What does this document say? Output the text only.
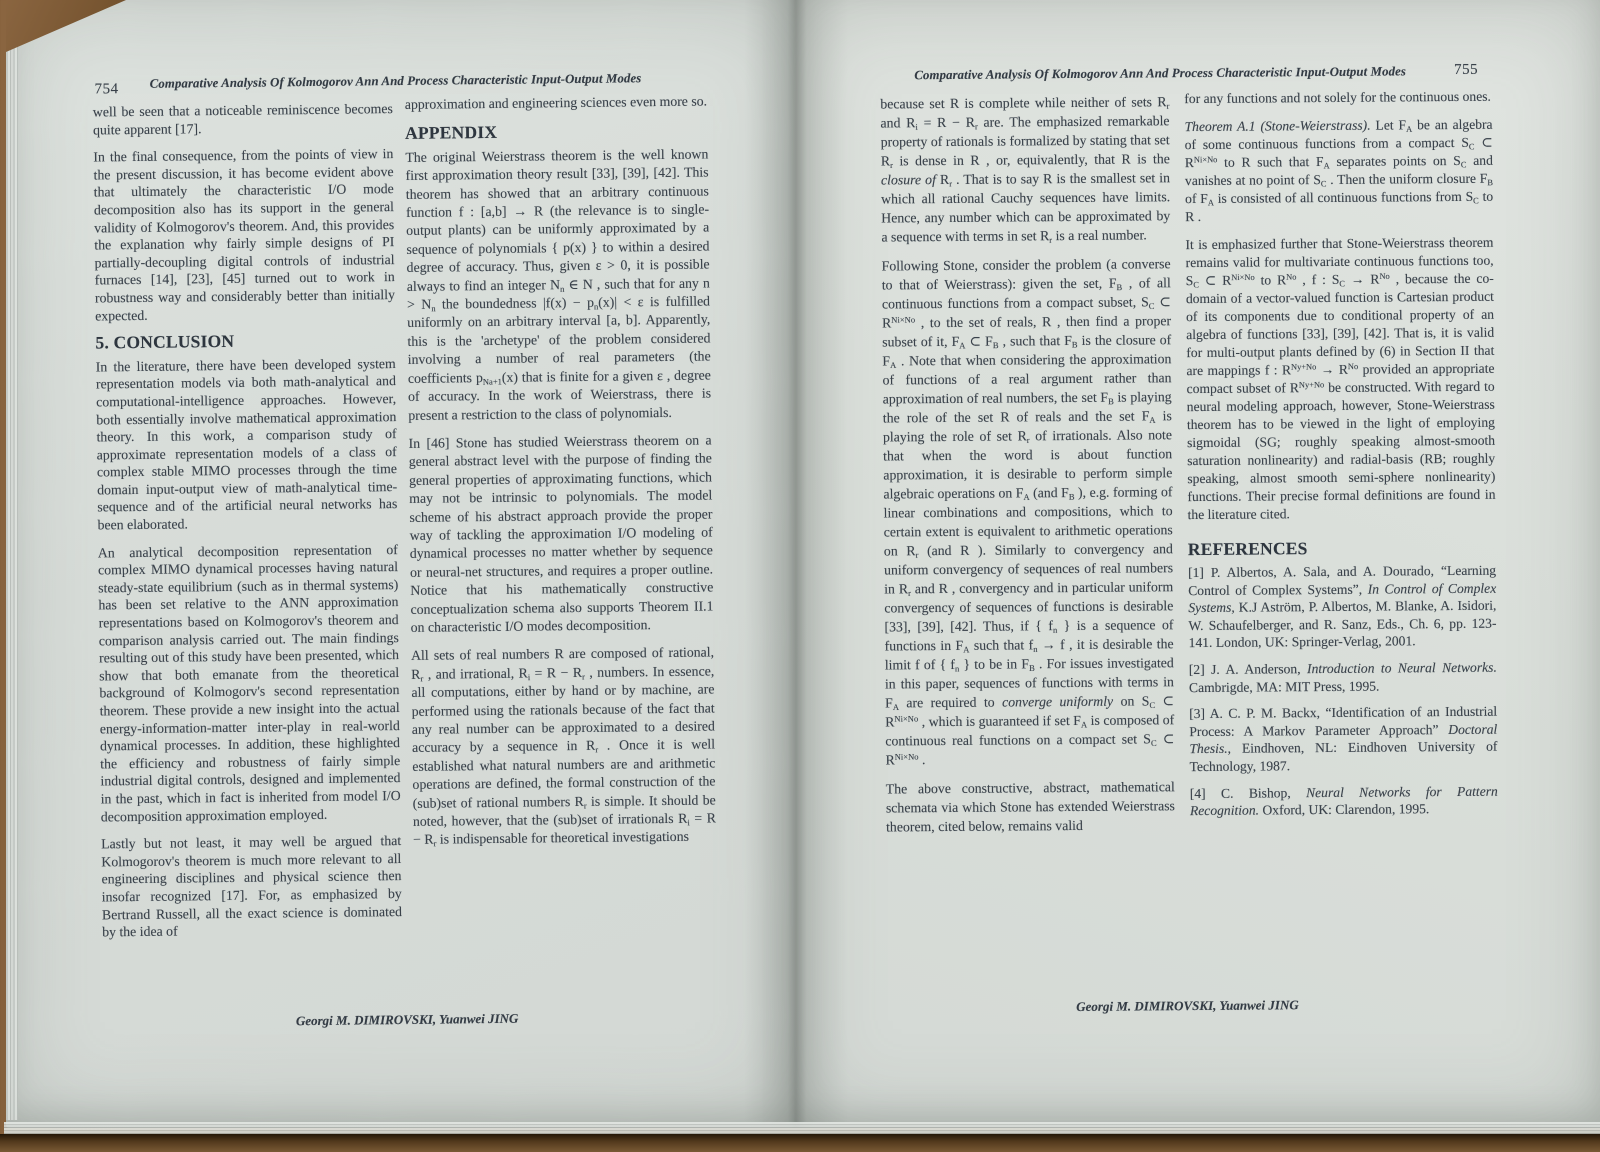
754	Comparative Analysis Of Kolmogorov Ann And Process Characteristic Input-Output Modes

well be seen that a noticeable reminiscence becomes quite apparent [17].

In the final consequence, from the points of view in the present discussion, it has become evident above that ultimately the characteristic I/O mode decomposition also has its support in the general validity of Kolmogorov's theorem. And, this provides the explanation why fairly simple designs of PI partially-decoupling digital controls of industrial furnaces [14], [23], [45] turned out to work in robustness way and considerably better than initially expected.

5. CONCLUSION

In the literature, there have been developed system representation models via both math-analytical and computational-intelligence approaches. However, both essentially involve mathematical approximation theory. In this work, a comparison study of approximate representation models of a class of complex stable MIMO processes through the time domain input-output view of math-analytical time-sequence and of the artificial neural networks has been elaborated.

An analytical decomposition representation of complex MIMO dynamical processes having natural steady-state equilibrium (such as in thermal systems) has been set relative to the ANN approximation representations based on Kolmogorov's theorem and comparison analysis carried out. The main findings resulting out of this study have been presented, which show that both emanate from the theoretical background of Kolmogorv's second representation theorem. These provide a new insight into the actual energy-information-matter inter-play in real-world dynamical processes. In addition, these highlighted the efficiency and robustness of fairly simple industrial digital controls, designed and implemented in the past, which in fact is inherited from model I/O decomposition approximation employed.

Lastly but not least, it may well be argued that Kolmogorov's theorem is much more relevant to all engineering disciplines and physical science then insofar recognized [17]. For, as emphasized by Bertrand Russell, all the exact science is dominated by the idea of

approximation and engineering sciences even more so.

APPENDIX

The original Weierstrass theorem is the well known first approximation theory result [33], [39], [42]. This theorem has showed that an arbitrary continuous function f : [a,b] → R (the relevance is to single-output plants) can be uniformly approximated by a sequence of polynomials { p(x) } to within a desired degree of accuracy. Thus, given ε > 0, it is possible always to find an integer $N_n$ ∈ N , such that for any $n > N_n$ the boundedness $|f(x) - p_n(x)| < \varepsilon$ is fulfilled uniformly on an arbitrary interval [a, b]. Apparently, this is the 'archetype' of the problem considered involving a number of real parameters (the coefficients $p_{Na+1}(x)$ that is finite for a given ε , degree of accuracy. In the work of Weierstrass, there is present a restriction to the class of polynomials.

In [46] Stone has studied Weierstrass theorem on a general abstract level with the purpose of finding the general properties of approximating functions, which may not be intrinsic to polynomials. The model scheme of his abstract approach provide the proper way of tackling the approximation I/O modeling of dynamical processes no matter whether by sequence or neural-net structures, and requires a proper outline. Notice that his mathematically constructive conceptualization schema also supports Theorem II.1 on characteristic I/O modes decomposition.

All sets of real numbers R are composed of rational, $R_r$ , and irrational, $R_i = R - R_r$ , numbers. In essence, all computations, either by hand or by machine, are performed using the rationals because of the fact that any real number can be approximated to a desired accuracy by a sequence in $R_r$ . Once it is well established what natural numbers are and arithmetic operations are defined, the formal construction of the (sub)set of rational numbers $R_r$ is simple. It should be noted, however, that the (sub)set of irrationals $R_i = R - R_r$ is indispensable for theoretical investigations

Georgi M. DIMIROVSKI, Yuanwei JING
Comparative Analysis Of Kolmogorov Ann And Process Characteristic Input-Output Modes	755

because set R is complete while neither of sets $R_r$ and $R_i = R - R_r$ are. The emphasized remarkable property of rationals is formalized by stating that set $R_r$ is dense in R , or, equivalently, that R is the closure of $R_r$ . That is to say R is the smallest set in which all rational Cauchy sequences have limits. Hence, any number which can be approximated by a sequence with terms in set $R_r$ is a real number.

Following Stone, consider the problem (a converse to that of Weierstrass): given the set, $F_B$ , of all continuous functions from a compact subset, $S_C$ ⊂ $R^{Ni\times No}$ , to the set of reals, R , then find a proper subset of it, $F_A$ ⊂ $F_B$ , such that $F_B$ is the closure of $F_A$ . Note that when considering the approximation of functions of a real argument rather than approximation of real numbers, the set $F_B$ is playing the role of the set R of reals and the set $F_A$ is playing the role of set $R_r$ of irrationals. Also note that when the word is about function approximation, it is desirable to perform simple algebraic operations on $F_A$ (and $F_B$ ), e.g. forming of linear combinations and compositions, which to certain extent is equivalent to arithmetic operations on $R_r$ (and R ). Similarly to convergency and uniform convergency of sequences of real numbers in $R_r$ and R , convergency and in particular uniform convergency of sequences of functions is desirable [33], [39], [42]. Thus, if { $f_n$ } is a sequence of functions in $F_A$ such that $f_n \to f$ , it is desirable the limit f of { $f_n$ } to be in $F_B$ . For issues investigated in this paper, sequences of functions with terms in $F_A$ are required to converge uniformly on $S_C$ ⊂ $R^{Ni\times No}$ , which is guaranteed if set $F_A$ is composed of continuous real functions on a compact set $S_C$ ⊂ $R^{Ni\times No}$ .

The above constructive, abstract, mathematical schemata via which Stone has extended Weierstrass theorem, cited below, remains valid

for any functions and not solely for the continuous ones.

Theorem A.1 (Stone-Weierstrass). Let $F_A$ be an algebra of some continuous functions from a compact $S_C$ ⊂ $R^{Ni\times No}$ to R such that $F_A$ separates points on $S_C$ and vanishes at no point of $S_C$ . Then the uniform closure $F_B$ of $F_A$ is consisted of all continuous functions from $S_C$ to R .

It is emphasized further that Stone-Weierstrass theorem remains valid for multivariate continuous functions too, $S_C$ ⊂ $R^{Ni\times No}$ to $R^{No}$ , f : $S_C \to R^{No}$ , because the co-domain of a vector-valued function is Cartesian product of its components due to conditional property of an algebra of functions [33], [39], [42]. That is, it is valid for multi-output plants defined by (6) in Section II that are mappings f : $R^{Ny+No} \to R^{No}$ provided an appropriate compact subset of $R^{Ny+No}$ be constructed. With regard to neural modeling approach, however, Stone-Weierstrass theorem has to be viewed in the light of employing sigmoidal (SG; roughly speaking almost-smooth saturation nonlinearity) and radial-basis (RB; roughly speaking, almost smooth semi-sphere nonlinearity) functions. Their precise formal definitions are found in the literature cited.

REFERENCES

[1] P. Albertos, A. Sala, and A. Dourado, “Learning Control of Complex Systems”, In Control of Complex Systems, K.J Aström, P. Albertos, M. Blanke, A. Isidori, W. Schaufelberger, and R. Sanz, Eds., Ch. 6, pp. 123-141. London, UK: Springer-Verlag, 2001.

[2] J. A. Anderson, Introduction to Neural Networks. Cambrigde, MA: MIT Press, 1995.

[3] A. C. P. M. Backx, “Identification of an Industrial Process: A Markov Parameter Approach” Doctoral Thesis., Eindhoven, NL: Eindhoven University of Technology, 1987.

[4] C. Bishop, Neural Networks for Pattern Recognition. Oxford, UK: Clarendon, 1995.

Georgi M. DIMIROVSKI, Yuanwei JING
